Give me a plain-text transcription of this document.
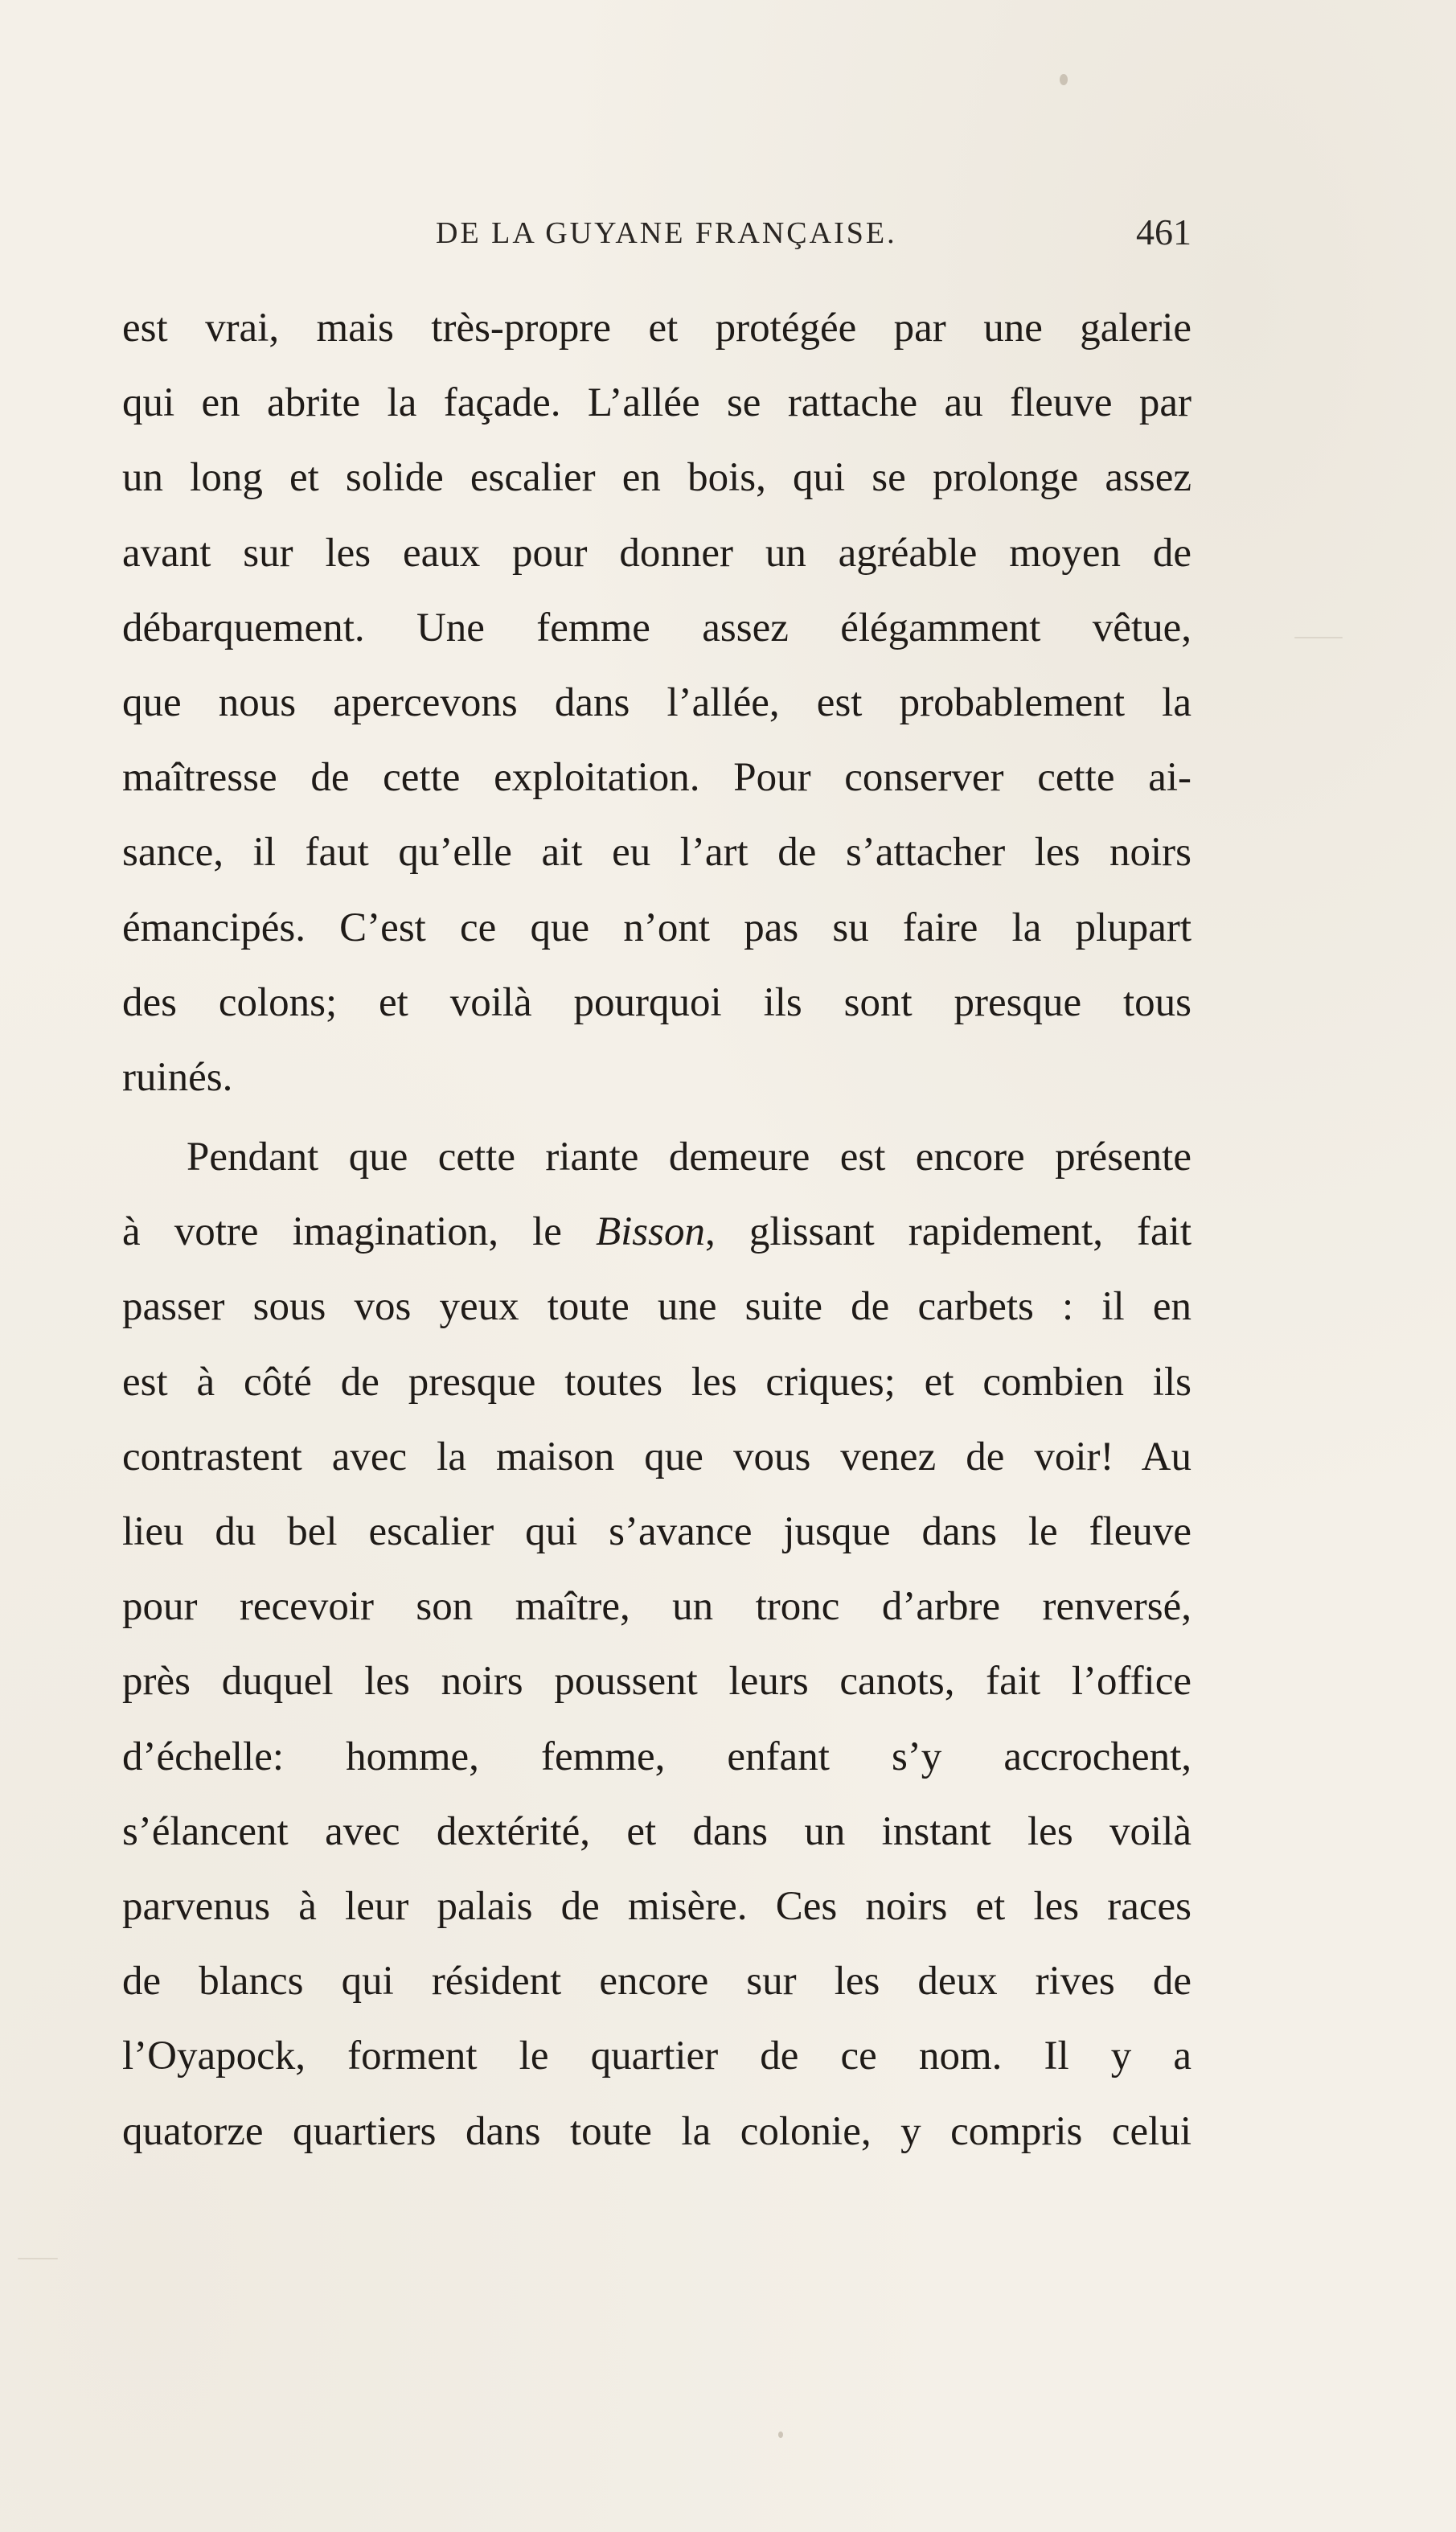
DE LA GUYANE FRANÇAISE.	461
est vrai, mais très-propre et protégée par une galerie
qui en abrite la façade. L’allée se rattache au fleuve par
un long et solide escalier en bois, qui se prolonge assez
avant sur les eaux pour donner un agréable moyen de
débarquement. Une femme assez élégamment vêtue,
que nous apercevons dans l’allée, est probablement la
maîtresse de cette exploitation. Pour conserver cette ai-
sance, il faut qu’elle ait eu l’art de s’attacher les noirs
émancipés. C’est ce que n’ont pas su faire la plupart
des colons; et voilà pourquoi ils sont presque tous
ruinés.
Pendant que cette riante demeure est encore présente
à votre imagination, le Bisson, glissant rapidement, fait
passer sous vos yeux toute une suite de carbets : il en
est à côté de presque toutes les criques; et combien ils
contrastent avec la maison que vous venez de voir! Au
lieu du bel escalier qui s’avance jusque dans le fleuve
pour recevoir son maître, un tronc d’arbre renversé,
près duquel les noirs poussent leurs canots, fait l’office
d’échelle: homme, femme, enfant s’y accrochent,
s’élancent avec dextérité, et dans un instant les voilà
parvenus à leur palais de misère. Ces noirs et les races
de blancs qui résident encore sur les deux rives de
l’Oyapock, forment le quartier de ce nom. Il y a
quatorze quartiers dans toute la colonie, y compris celui
